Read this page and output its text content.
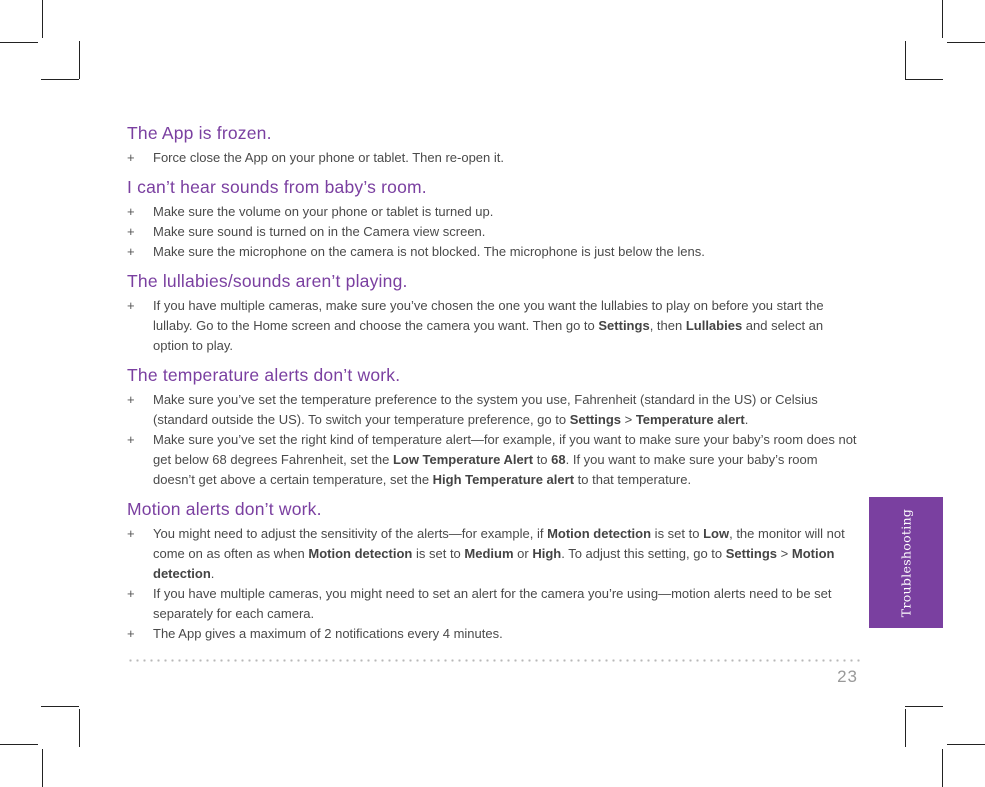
The App is frozen.
+	Force close the App on your phone or tablet. Then re-open it.
I can’t hear sounds from baby’s room.
+	Make sure the volume on your phone or tablet is turned up.
+	Make sure sound is turned on in the Camera view screen.
+	Make sure the microphone on the camera is not blocked. The microphone is just below the lens.
The lullabies/sounds aren’t playing.
+	If you have multiple cameras, make sure you’ve chosen the one you want the lullabies to play on before you start the lullaby. Go to the Home screen and choose the camera you want. Then go to Settings, then Lullabies and select an option to play.
The temperature alerts don’t work.
+	Make sure you’ve set the temperature preference to the system you use, Fahrenheit (standard in the US) or Celsius (standard outside the US). To switch your temperature preference, go to Settings > Temperature alert.
+	Make sure you’ve set the right kind of temperature alert—for example, if you want to make sure your baby’s room does not get below 68 degrees Fahrenheit, set the Low Temperature Alert to 68. If you want to make sure your baby’s room doesn’t get above a certain temperature, set the High Temperature alert to that temperature.
Motion alerts don’t work.
+	You might need to adjust the sensitivity of the alerts—for example, if Motion detection is set to Low, the monitor will not come on as often as when Motion detection is set to Medium or High. To adjust this setting, go to Settings > Motion detection.
+	If you have multiple cameras, you might need to set an alert for the camera you’re using—motion alerts need to be set separately for each camera.
+	The App gives a maximum of 2 notifications every 4 minutes.
23
Troubleshooting
